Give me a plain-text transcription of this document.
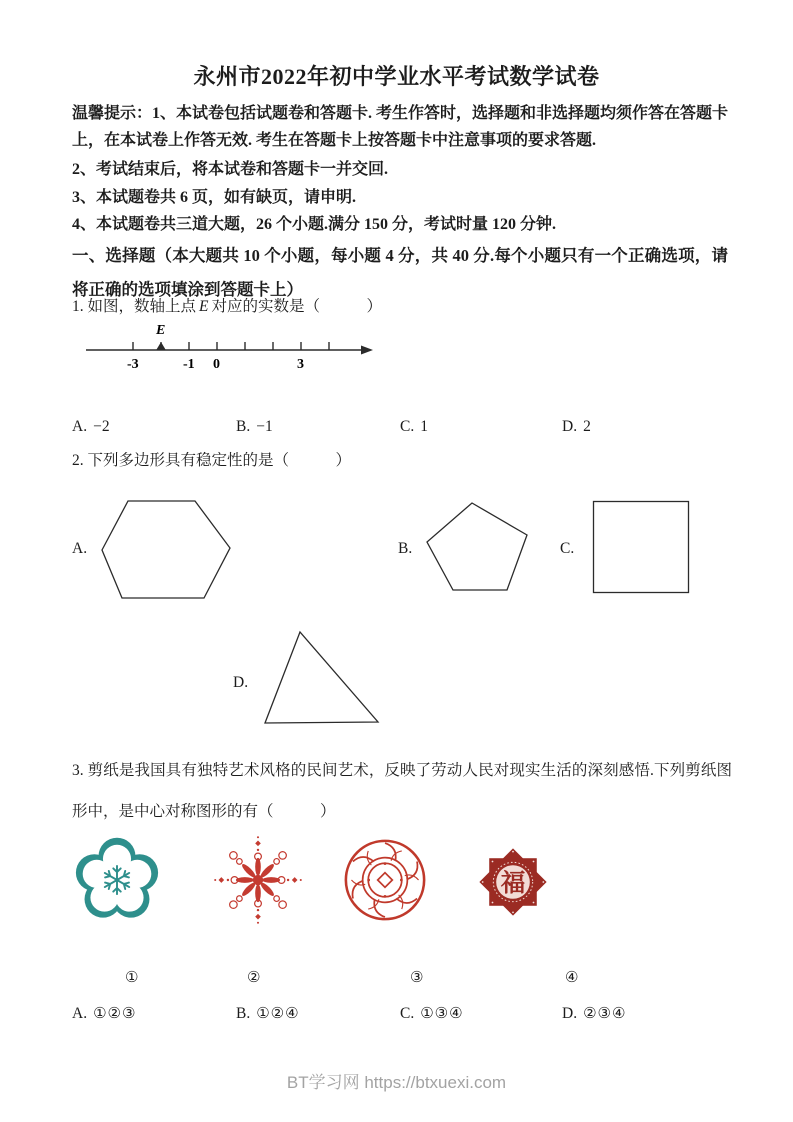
永州市2022年初中学业水平考试数学试卷
温馨提示：1、本试卷包括试题卷和答题卡. 考生作答时，选择题和非选择题均须作答在答题卡上，在本试卷上作答无效. 考生在答题卡上按答题卡中注意事项的要求答题.
2、考试结束后，将本试卷和答题卡一并交回.
3、本试题卷共 6 页，如有缺页，请申明.
4、本试题卷共三道大题，26 个小题.满分 150 分，考试时量 120 分钟.
一、选择题（本大题共 10 个小题，每小题 4 分，共 40 分.每个小题只有一个正确选项，请将正确的选项填涂到答题卡上）
1. 如图，数轴上点 E 对应的实数是（　　　）
E
-3	-1 0	3
A. −2	B. −1	C. 1	D. 2
2. 下列多边形具有稳定性的是（　　　）
A.	B.	C.
D.
3. 剪纸是我国具有独特艺术风格的民间艺术，反映了劳动人民对现实生活的深刻感悟.下列剪纸图形中，是中心对称图形的有（　　　）
福
①	②	③	④
A. ①②③	B. ①②④	C. ①③④	D. ②③④
BT学习网 https://btxuexi.com
